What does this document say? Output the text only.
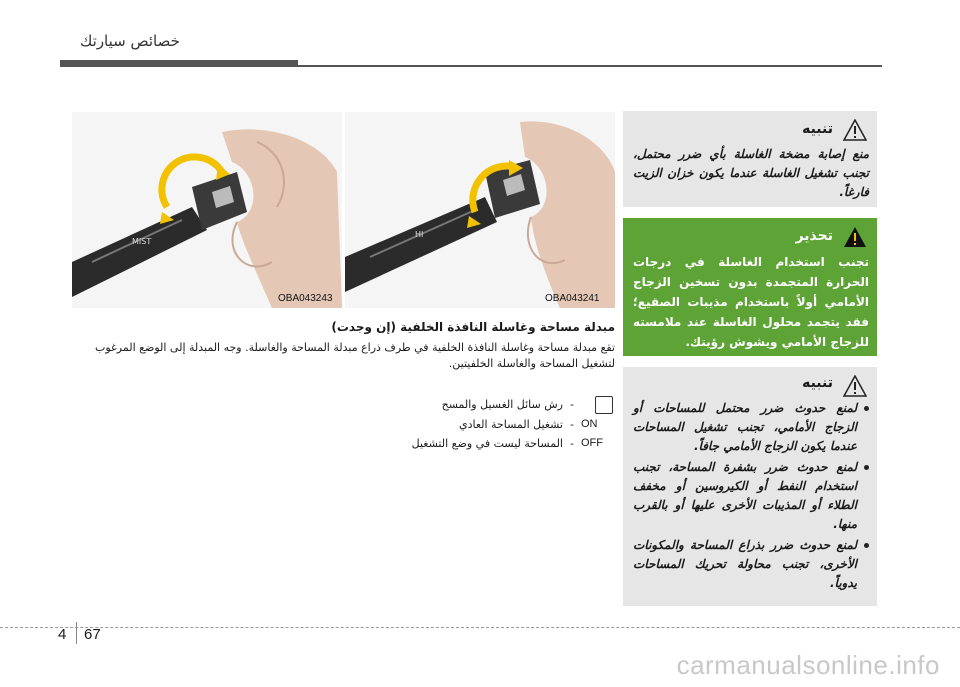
خصائص سيارتك
MIST
HI
OBA043243	OBA043241
مبدلة مساحة وغاسلة النافذة الخلفية (إن وجدت)
تقع مبدلة مساحة وغاسلة النافذة الخلفية في طرف ذراع مبدلة المساحة والغاسلة. وجه المبدلة إلى الوضع المرغوب لتشغيل المساحة والغاسلة الخلفيتين.
-
رش سائل الغسيل والمسح
ON
-
تشغيل المساحة العادي
OFF
-
المساحة ليست في وضع التشغيل
تنبيه
منع إصابة مضخة الغاسلة بأي ضرر محتمل، تجنب تشغيل الغاسلة عندما يكون خزان الزيت فارغاً.
تحذير
تجنب استخدام الغاسلة في درجات الحرارة المتجمدة بدون تسخين الزجاج الأمامي أولاً باستخدام مذيبات الصقيع؛ فقد يتجمد محلول الغاسلة عند ملامسته للزجاج الأمامي ويشوش رؤيتك.
تنبيه
لمنع حدوث ضرر محتمل للمساحات أو الزجاج الأمامي، تجنب تشغيل المساحات عندما يكون الزجاج الأمامي جافاً.
لمنع حدوث ضرر بشفرة المساحة، تجنب استخدام النفط أو الكيروسين أو مخفف الطلاء أو المذيبات الأخرى عليها أو بالقرب منها.
لمنع حدوث ضرر بذراع المساحة والمكونات الأخرى، تجنب محاولة تحريك المساحات يدوياً.
4 67
carmanualsonline.info
